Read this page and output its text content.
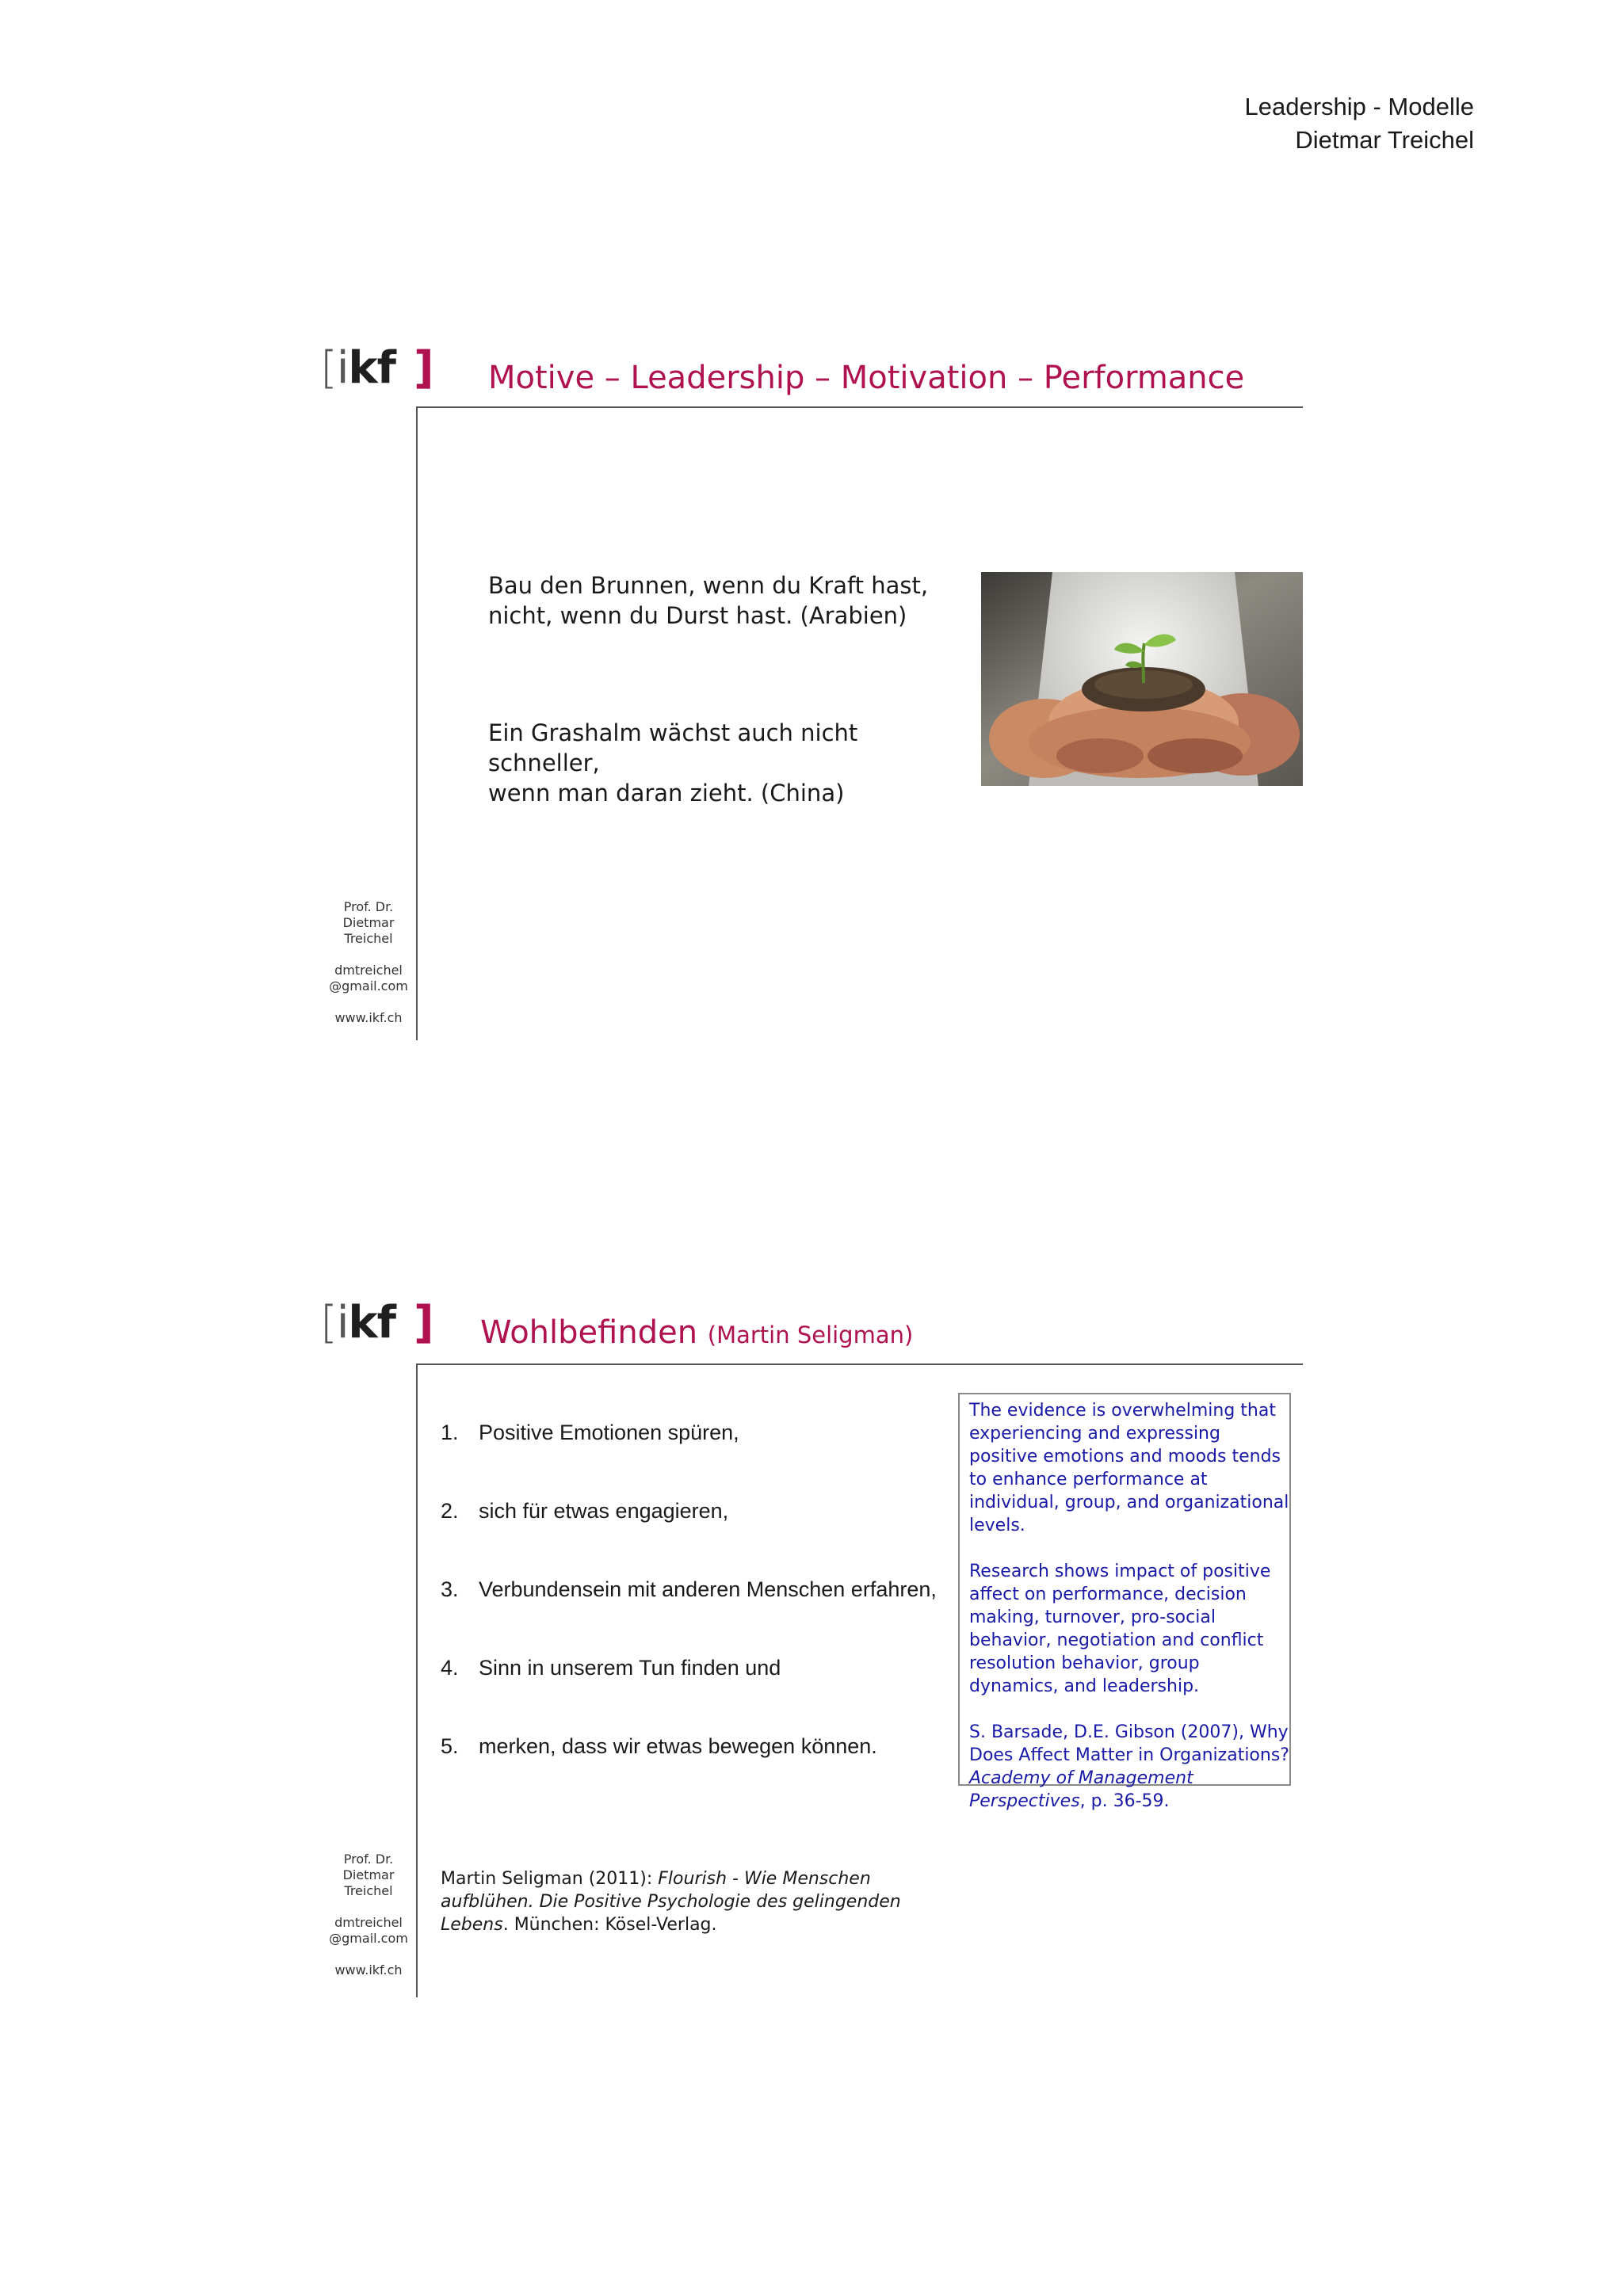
Leadership - Modelle
Dietmar Treichel
[ikf ] Motive – Leadership – Motivation – Performance
Bau den Brunnen, wenn du Kraft hast,
nicht, wenn du Durst hast. (Arabien)
Ein Grashalm wächst auch nicht schneller,
wenn man daran zieht. (China)

Prof. Dr.
Dietmar
Treichel

dmtreichel
@gmail.com

www.ikf.ch

[ikf ] Wohlbefinden (Martin Seligman)
1. Positive Emotionen spüren,
2. sich für etwas engagieren,
3. Verbundensein mit anderen Menschen erfahren,
4. Sinn in unserem Tun finden und
5. merken, dass wir etwas bewegen können.

The evidence is overwhelming that experiencing and expressing positive emotions and moods tends to enhance performance at individual, group, and organizational levels.

Research shows impact of positive affect on performance, decision making, turnover, pro-social behavior, negotiation and conflict resolution behavior, group dynamics, and leadership.

S. Barsade, D.E. Gibson (2007), Why Does Affect Matter in Organizations? Academy of Management Perspectives, p. 36-59.

Martin Seligman (2011): Flourish - Wie Menschen aufblühen. Die Positive Psychologie des gelingenden Lebens. München: Kösel-Verlag.

Prof. Dr.
Dietmar
Treichel

dmtreichel
@gmail.com

www.ikf.ch
